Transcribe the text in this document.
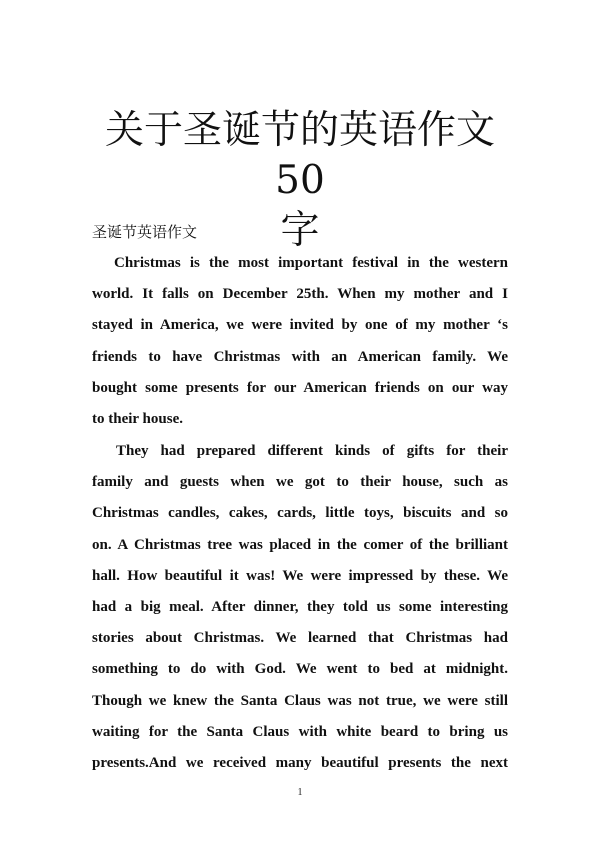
关于圣诞节的英语作文 50
字
圣诞节英语作文
Christmas is the most important festival in the western
world. It falls on December 25th. When my mother and I
stayed in America, we were invited by one of my mother ‘s
friends to have Christmas with an American family. We
bought some presents for our American friends on our way
to their house.
They had prepared different kinds of gifts for their
family and guests when we got to their house, such as
Christmas candles, cakes, cards, little toys, biscuits and so
on. A Christmas tree was placed in the comer of the brilliant
hall. How beautiful it was! We were impressed by these. We
had a big meal. After dinner, they told us some interesting
stories about Christmas. We learned that Christmas had
something to do with God. We went to bed at midnight.
Though we knew the Santa Claus was not true, we were still
waiting for the Santa Claus with white beard to bring us
presents.And we received many beautiful presents the next
1
